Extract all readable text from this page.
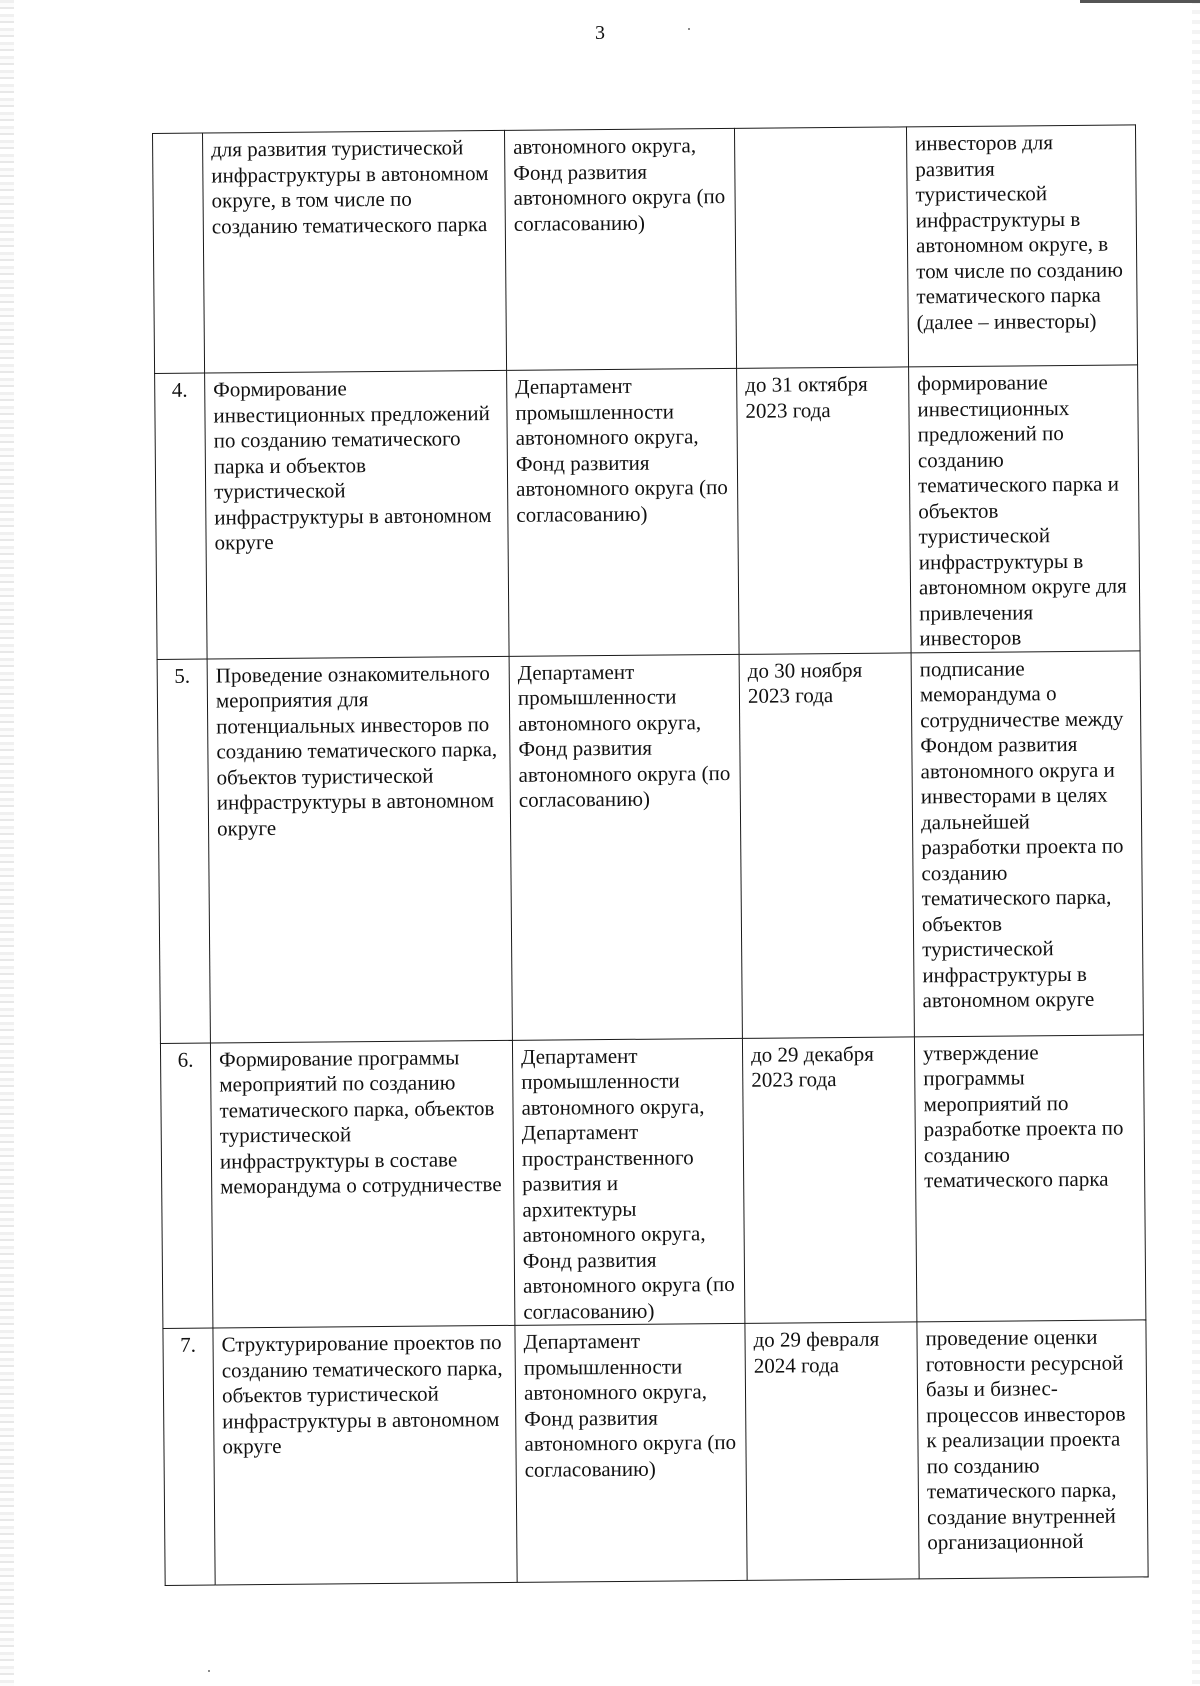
3
	для развития туристической инфраструктуры в автономном округе, в том числе по созданию тематического парка	автономного округа, Фонд развития автономного округа (по согласованию)		инвесторов для развития туристической инфраструктуры в автономном округе, в том числе по созданию тематического парка (далее – инвесторы)
4.	Формирование инвестиционных предложений по созданию тематического парка и объектов туристической инфраструктуры в автономном округе	Департамент промышленности автономного округа, Фонд развития автономного округа (по согласованию)	до 31 октября 2023 года	формирование инвестиционных предложений по созданию тематического парка и объектов туристической инфраструктуры в автономном округе для привлечения инвесторов
5.	Проведение ознакомительного мероприятия для потенциальных инвесторов по созданию тематического парка, объектов туристической инфраструктуры в автономном округе	Департамент промышленности автономного округа, Фонд развития автономного округа (по согласованию)	до 30 ноября 2023 года	подписание меморандума о сотрудничестве между Фондом развития автономного округа и инвесторами в целях дальнейшей разработки проекта по созданию тематического парка, объектов туристической инфраструктуры в автономном округе
6.	Формирование программы мероприятий по созданию тематического парка, объектов туристической инфраструктуры в составе меморандума о сотрудничестве	Департамент промышленности автономного округа, Департамент пространственного развития и архитектуры автономного округа, Фонд развития автономного округа (по согласованию)	до 29 декабря 2023 года	утверждение программы мероприятий по разработке проекта по созданию тематического парка
7.	Структурирование проектов по созданию тематического парка, объектов туристической инфраструктуры в автономном округе	Департамент промышленности автономного округа, Фонд развития автономного округа (по согласованию)	до 29 февраля 2024 года	проведение оценки готовности ресурсной базы и бизнес-процессов инвесторов к реализации проекта по созданию тематического парка, создание внутренней организационной
